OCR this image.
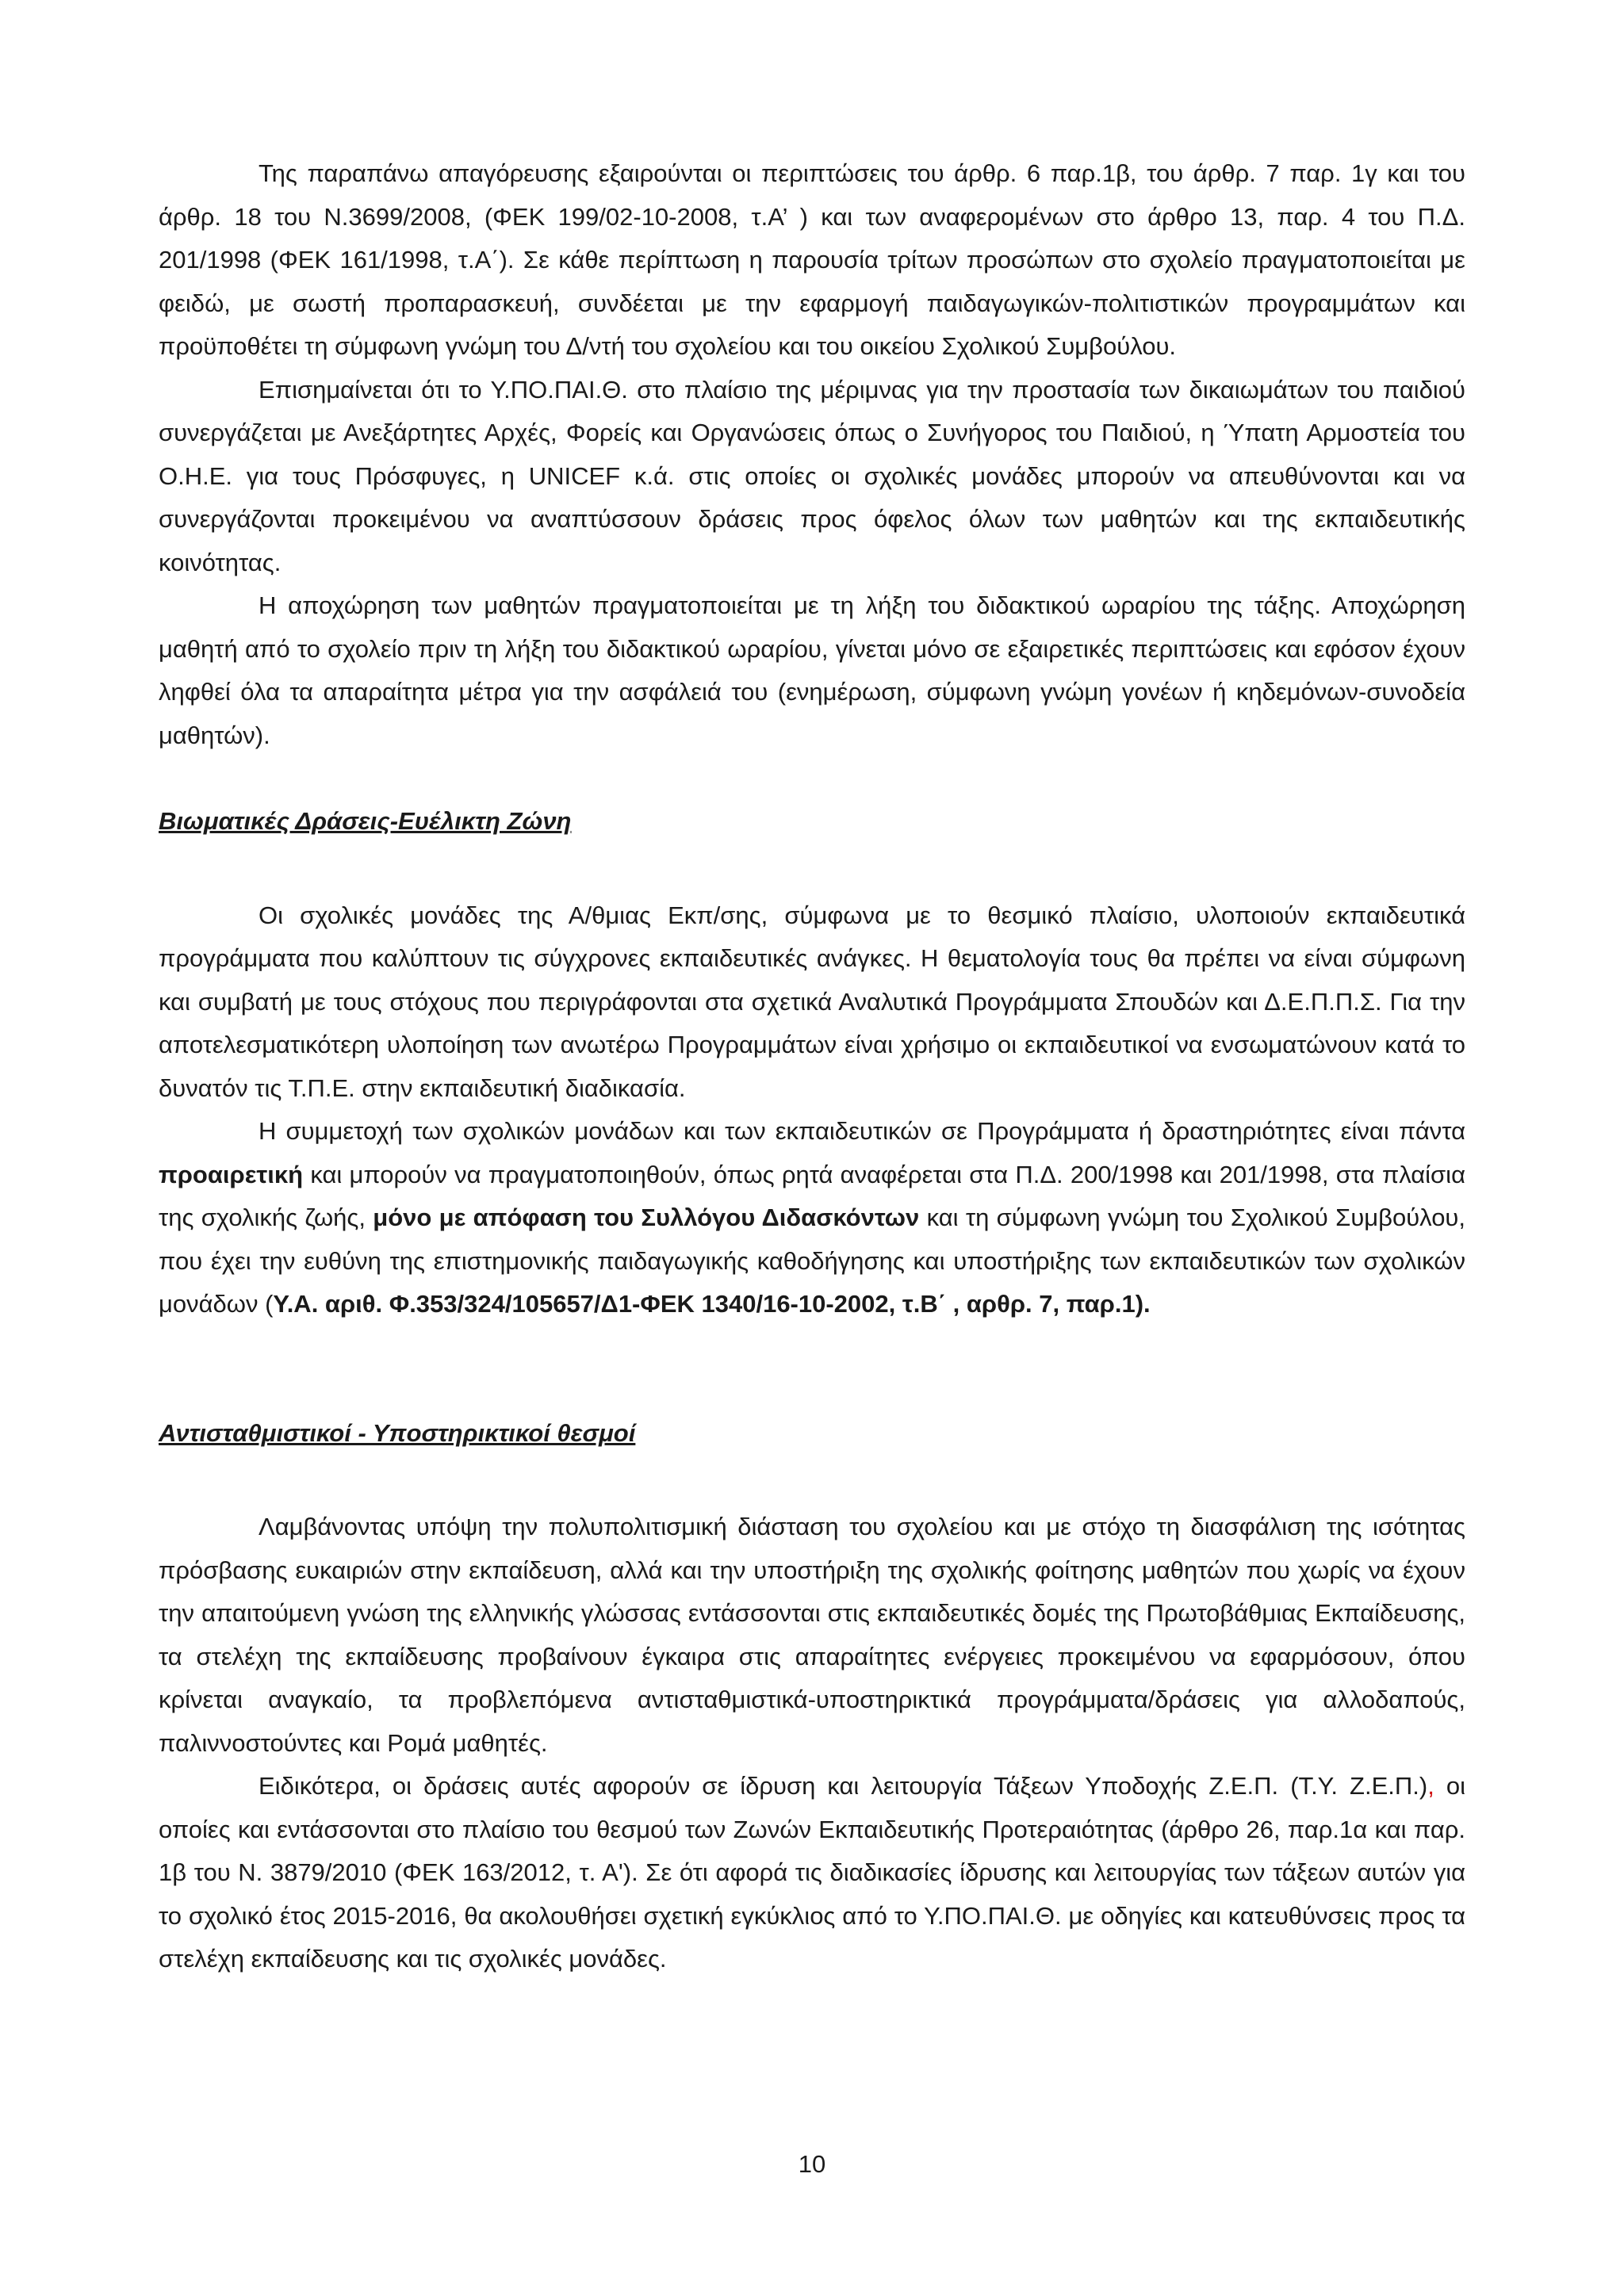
Της παραπάνω απαγόρευσης εξαιρούνται οι περιπτώσεις του άρθρ. 6 παρ.1β, του άρθρ. 7 παρ. 1γ και του άρθρ. 18 του Ν.3699/2008, (ΦΕΚ 199/02-10-2008, τ.Α’ ) και των αναφερομένων στο άρθρο 13, παρ. 4 του Π.Δ. 201/1998 (ΦΕΚ 161/1998, τ.Α΄). Σε κάθε περίπτωση η παρουσία τρίτων προσώπων στο σχολείο πραγματοποιείται με φειδώ, με σωστή προπαρασκευή, συνδέεται με την εφαρμογή παιδαγωγικών-πολιτιστικών προγραμμάτων και προϋποθέτει τη σύμφωνη γνώμη του Δ/ντή του σχολείου και του οικείου Σχολικού Συμβούλου.

Επισημαίνεται ότι το Υ.ΠΟ.ΠΑΙ.Θ. στο πλαίσιο της μέριμνας για την προστασία των δικαιωμάτων του παιδιού συνεργάζεται με Ανεξάρτητες Αρχές, Φορείς και Οργανώσεις όπως ο Συνήγορος του Παιδιού, η Ύπατη Αρμοστεία του Ο.Η.Ε. για τους Πρόσφυγες, η UNICEF κ.ά. στις οποίες οι σχολικές μονάδες μπορούν να απευθύνονται και να συνεργάζονται προκειμένου να αναπτύσσουν δράσεις προς όφελος όλων των μαθητών και της εκπαιδευτικής κοινότητας.

Η αποχώρηση των μαθητών πραγματοποιείται με τη λήξη του διδακτικού ωραρίου της τάξης. Αποχώρηση μαθητή από το σχολείο πριν τη λήξη του διδακτικού ωραρίου, γίνεται μόνο σε εξαιρετικές περιπτώσεις και εφόσον έχουν ληφθεί όλα τα απαραίτητα μέτρα για την ασφάλειά του (ενημέρωση, σύμφωνη γνώμη γονέων ή κηδεμόνων-συνοδεία μαθητών).

Βιωματικές Δράσεις-Ευέλικτη Ζώνη

Οι σχολικές μονάδες της Α/θμιας Εκπ/σης, σύμφωνα με το θεσμικό πλαίσιο, υλοποιούν εκπαιδευτικά προγράμματα που καλύπτουν τις σύγχρονες εκπαιδευτικές ανάγκες. Η θεματολογία τους θα πρέπει να είναι σύμφωνη και συμβατή με τους στόχους που περιγράφονται στα σχετικά Αναλυτικά Προγράμματα Σπουδών και Δ.Ε.Π.Π.Σ. Για την αποτελεσματικότερη υλοποίηση των ανωτέρω Προγραμμάτων είναι χρήσιμο οι εκπαιδευτικοί να ενσωματώνουν κατά το δυνατόν τις Τ.Π.Ε. στην εκπαιδευτική διαδικασία.

Η συμμετοχή των σχολικών μονάδων και των εκπαιδευτικών σε Προγράμματα ή δραστηριότητες είναι πάντα προαιρετική και μπορούν να πραγματοποιηθούν, όπως ρητά αναφέρεται στα Π.Δ. 200/1998 και 201/1998, στα πλαίσια της σχολικής ζωής, μόνο με απόφαση του Συλλόγου Διδασκόντων και τη σύμφωνη γνώμη του Σχολικού Συμβούλου, που έχει την ευθύνη της επιστημονικής παιδαγωγικής καθοδήγησης και υποστήριξης των εκπαιδευτικών των σχολικών μονάδων (Υ.Α. αριθ. Φ.353/324/105657/Δ1-ΦΕΚ 1340/16-10-2002, τ.Β΄ , αρθρ. 7, παρ.1).

Αντισταθμιστικοί - Υποστηρικτικοί θεσμοί

Λαμβάνοντας υπόψη την πολυπολιτισμική διάσταση του σχολείου και με στόχο τη διασφάλιση της ισότητας πρόσβασης ευκαιριών στην εκπαίδευση, αλλά και την υποστήριξη της σχολικής φοίτησης μαθητών που χωρίς να έχουν την απαιτούμενη γνώση της ελληνικής γλώσσας εντάσσονται στις εκπαιδευτικές δομές της Πρωτοβάθμιας Εκπαίδευσης, τα στελέχη της εκπαίδευσης προβαίνουν έγκαιρα στις απαραίτητες ενέργειες προκειμένου να εφαρμόσουν, όπου κρίνεται αναγκαίο, τα προβλεπόμενα αντισταθμιστικά-υποστηρικτικά προγράμματα/δράσεις για αλλοδαπούς, παλιννοστούντες και Ρομά μαθητές.

Ειδικότερα, οι δράσεις αυτές αφορούν σε ίδρυση και λειτουργία Τάξεων Υποδοχής Ζ.Ε.Π. (Τ.Υ. Ζ.Ε.Π.), οι οποίες και εντάσσονται στο πλαίσιο του θεσμού των Ζωνών Εκπαιδευτικής Προτεραιότητας (άρθρο 26, παρ.1α και παρ. 1β του Ν. 3879/2010 (ΦΕΚ 163/2012, τ. Α'). Σε ότι αφορά τις διαδικασίες ίδρυσης και λειτουργίας των τάξεων αυτών για το σχολικό έτος 2015-2016, θα ακολουθήσει σχετική εγκύκλιος από το Υ.ΠΟ.ΠΑΙ.Θ. με οδηγίες και κατευθύνσεις προς τα στελέχη εκπαίδευσης και τις σχολικές μονάδες.

10
